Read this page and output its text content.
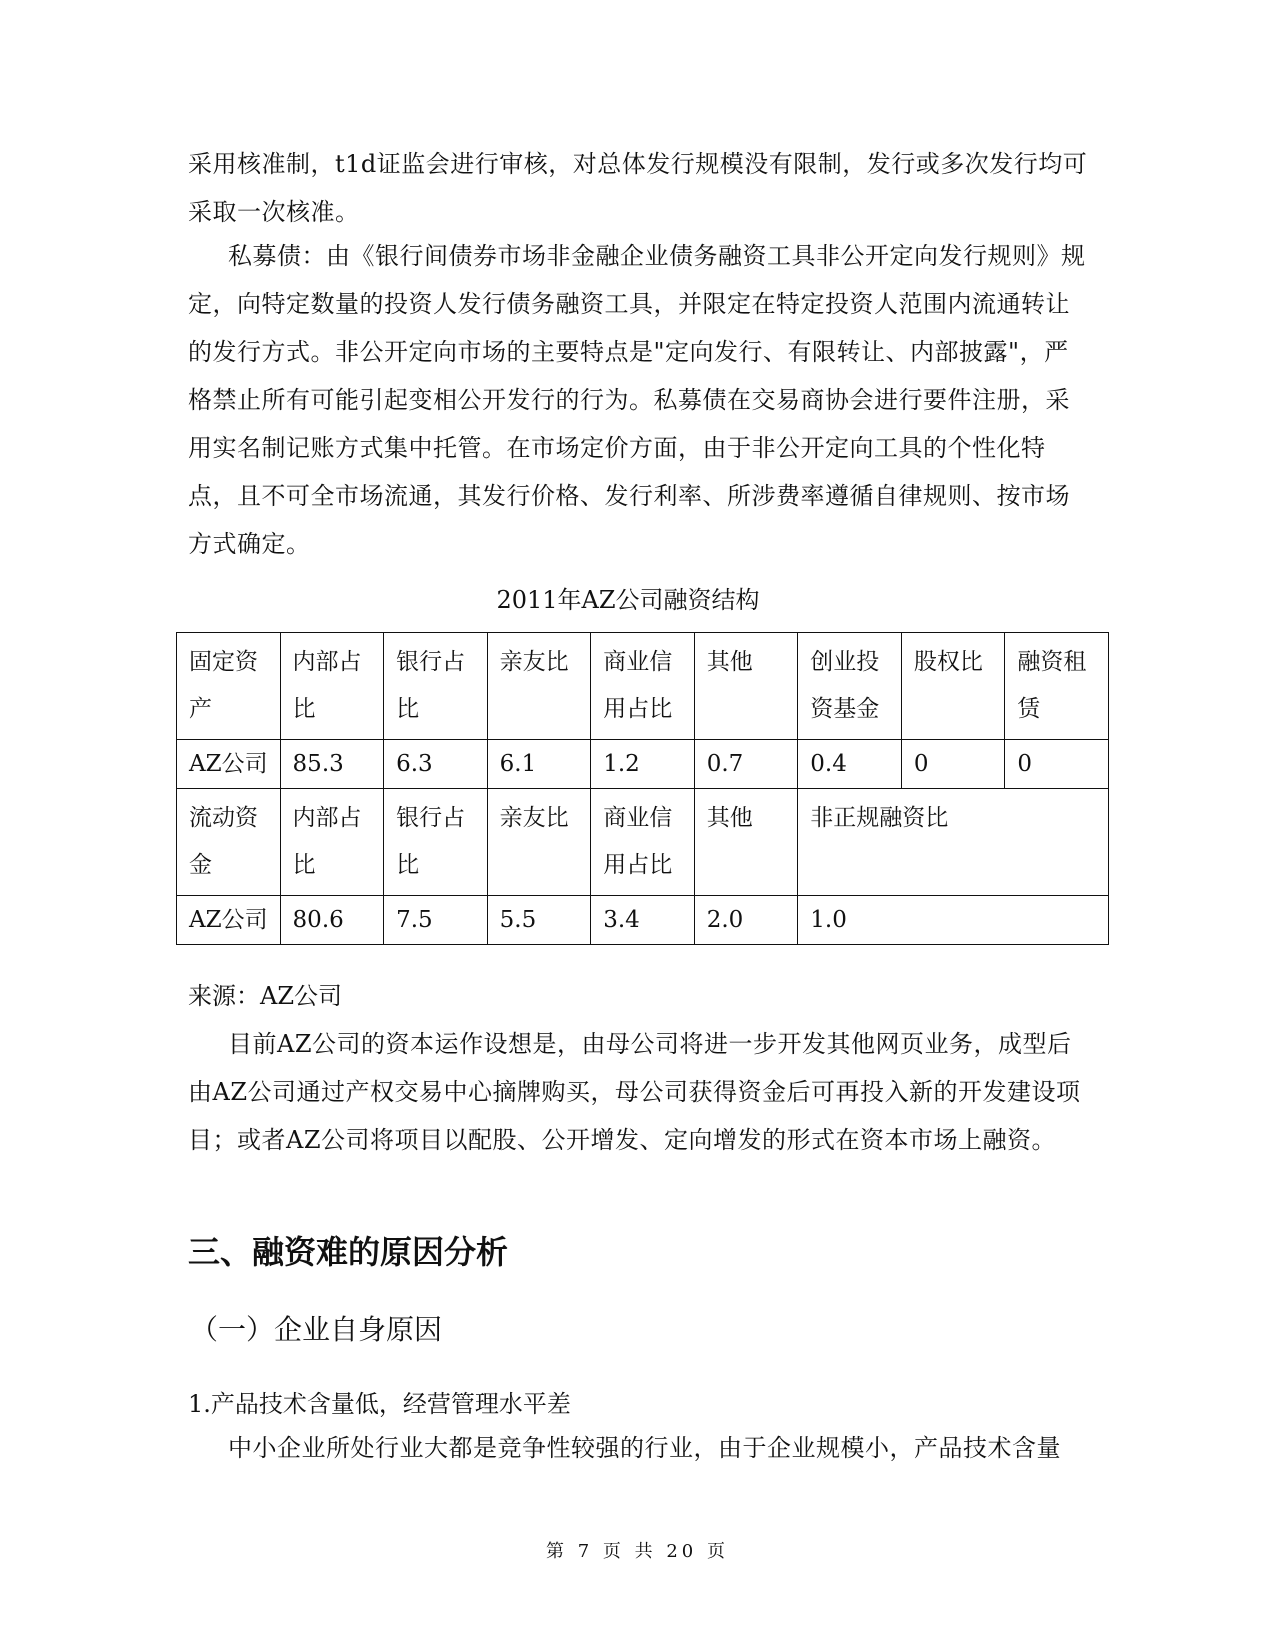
采用核准制，t1d证监会进行审核，对总体发行规模没有限制，发行或多次发行均可采取一次核准。

私募债：由《银行间债券市场非金融企业债务融资工具非公开定向发行规则》规定，向特定数量的投资人发行债务融资工具，并限定在特定投资人范围内流通转让的发行方式。非公开定向市场的主要特点是"定向发行、有限转让、内部披露"，严格禁止所有可能引起变相公开发行的行为。私募债在交易商协会进行要件注册，采用实名制记账方式集中托管。在市场定价方面，由于非公开定向工具的个性化特点，且不可全市场流通，其发行价格、发行利率、所涉费率遵循自律规则、按市场方式确定。

2011年AZ公司融资结构
固定资产	内部占比	银行占比	亲友比	商业信用占比	其他	创业投资基金	股权比	融资租赁
AZ公司	85.3	6.3	6.1	1.2	0.7	0.4	0	0
流动资金	内部占比	银行占比	亲友比	商业信用占比	其他	非正规融资比		
AZ公司	80.6	7.5	5.5	3.4	2.0	1.0		
来源：AZ公司

目前AZ公司的资本运作设想是，由母公司将进一步开发其他网页业务，成型后由AZ公司通过产权交易中心摘牌购买，母公司获得资金后可再投入新的开发建设项目；或者AZ公司将项目以配股、公开增发、定向增发的形式在资本市场上融资。

三、融资难的原因分析
（一）企业自身原因
1.产品技术含量低，经营管理水平差

中小企业所处行业大都是竞争性较强的行业，由于企业规模小，产品技术含量

第 7 页 共 20 页
